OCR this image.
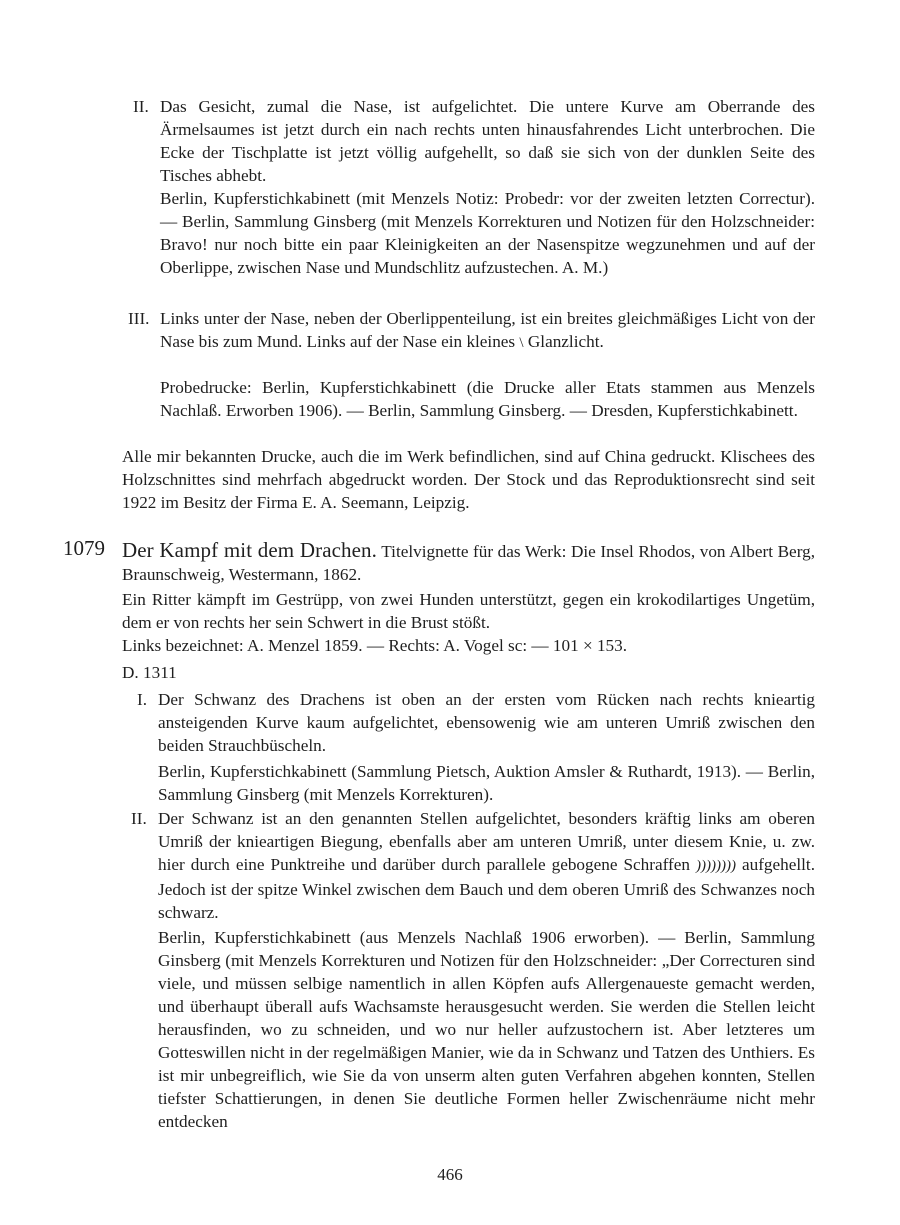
II. Das Gesicht, zumal die Nase, ist aufgelichtet. Die untere Kurve am Oberrande des Ärmelsaumes ist jetzt durch ein nach rechts unten hinausfahrendes Licht unterbrochen. Die Ecke der Tischplatte ist jetzt völlig aufgehellt, so daß sie sich von der dunklen Seite des Tisches abhebt.
Berlin, Kupferstichkabinett (mit Menzels Notiz: Probedr: vor der zweiten letzten Correctur). — Berlin, Sammlung Ginsberg (mit Menzels Korrekturen und Notizen für den Holzschneider: Bravo! nur noch bitte ein paar Kleinigkeiten an der Nasenspitze wegzunehmen und auf der Oberlippe, zwischen Nase und Mundschlitz aufzustechen. A. M.)
III. Links unter der Nase, neben der Oberlippenteilung, ist ein breites gleichmäßiges Licht von der Nase bis zum Mund. Links auf der Nase ein kleines \ Glanzlicht.
Probedrucke: Berlin, Kupferstichkabinett (die Drucke aller Etats stammen aus Menzels Nachlaß. Erworben 1906). — Berlin, Sammlung Ginsberg. — Dresden, Kupferstichkabinett.
Alle mir bekannten Drucke, auch die im Werk befindlichen, sind auf China gedruckt. Klischees des Holzschnittes sind mehrfach abgedruckt worden. Der Stock und das Reproduktionsrecht sind seit 1922 im Besitz der Firma E. A. Seemann, Leipzig.
1079 Der Kampf mit dem Drachen. Titelvignette für das Werk: Die Insel Rhodos, von Albert Berg, Braunschweig, Westermann, 1862.
Ein Ritter kämpft im Gestrüpp, von zwei Hunden unterstützt, gegen ein krokodilartiges Ungetüm, dem er von rechts her sein Schwert in die Brust stößt.
Links bezeichnet: A. Menzel 1859. — Rechts: A. Vogel sc: — 101 × 153.
D. 1311
I. Der Schwanz des Drachens ist oben an der ersten vom Rücken nach rechts kniеartig ansteigenden Kurve kaum aufgelichtet, ebensowenig wie am unteren Umriß zwischen den beiden Strauchbüscheln.
Berlin, Kupferstichkabinett (Sammlung Pietsch, Auktion Amsler & Ruthardt, 1913). — Berlin, Sammlung Ginsberg (mit Menzels Korrekturen).
II. Der Schwanz ist an den genannten Stellen aufgelichtet, besonders kräftig links am oberen Umriß der kniеartigen Biegung, ebenfalls aber am unteren Umriß, unter diesem Knie, u. zw. hier durch eine Punktreihe und darüber durch parallele gebogene Schraffen )))))))) aufgehellt. Jedoch ist der spitze Winkel zwischen dem Bauch und dem oberen Umriß des Schwanzes noch schwarz.
Berlin, Kupferstichkabinett (aus Menzels Nachlaß 1906 erworben). — Berlin, Sammlung Ginsberg (mit Menzels Korrekturen und Notizen für den Holzschneider: „Der Correcturen sind viele, und müssen selbige namentlich in allen Köpfen aufs Allergenaueste gemacht werden, und überhaupt überall aufs Wachsamste herausgesucht werden. Sie werden die Stellen leicht herausfinden, wo zu schneiden, und wo nur heller aufzustochern ist. Aber letzteres um Gotteswillen nicht in der regelmäßigen Manier, wie da in Schwanz und Tatzen des Unthiers. Es ist mir unbegreiflich, wie Sie da von unserm alten guten Verfahren abgehen konnten, Stellen tiefster Schattierungen, in denen Sie deutliche Formen heller Zwischenräume nicht mehr entdecken
466
